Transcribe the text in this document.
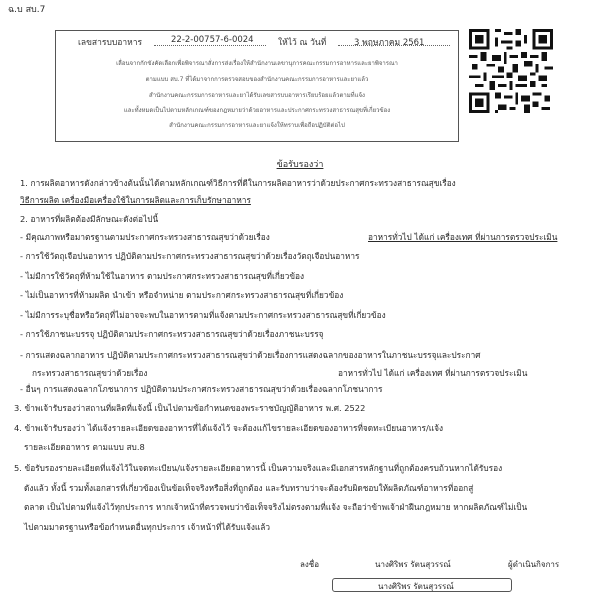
ฉ.บ สบ.7
เลขสารบบอาหาร	22-2-00757-6-0024	ให้ไว้ ณ วันที่	3 พฤษภาคม 2561
เลื่อนจากกักขังคัดเลือกเพื่อพิจารณาสั่งการส่งเรื่องให้สำนักงานเลขานุการคณะกรรมการอาหารและยาพิจารณา
ตามแบบ สบ.7 ที่ได้มาจากการตรวจสอบของสำนักงานคณะกรรมการอาหารและยาแล้ว
สำนักงานคณะกรรมการอาหารและยาได้รับเลขสารบบอาหารเรียบร้อยแล้วตามที่แจ้ง
และทั้งหมดเป็นไปตามหลักเกณฑ์ของกฎหมายว่าด้วยอาหารและประกาศกระทรวงสาธารณสุขที่เกี่ยวข้อง
สำนักงานคณะกรรมการอาหารและยาแจ้งให้ทราบเพื่อถือปฏิบัติต่อไป
ข้อรับรองว่า
1. การผลิตอาหารดังกล่าวข้างต้นนั้นได้ตามหลักเกณฑ์วิธีการที่ดีในการผลิตอาหารว่าด้วยประกาศกระทรวงสาธารณสุขเรื่อง
วิธีการผลิต เครื่องมือเครื่องใช้ในการผลิตและการเก็บรักษาอาหาร
2. อาหารที่ผลิตต้องมีลักษณะดังต่อไปนี้
- มีคุณภาพหรือมาตรฐานตามประกาศกระทรวงสาธารณสุขว่าด้วยเรื่อง	อาหารทั่วไป ได้แก่ เครื่องเทศ ที่ผ่านการตรวจประเมิน
- การใช้วัตถุเจือปนอาหาร ปฏิบัติตามประกาศกระทรวงสาธารณสุขว่าด้วยเรื่องวัตถุเจือปนอาหาร
- ไม่มีการใช้วัตถุที่ห้ามใช้ในอาหาร ตามประกาศกระทรวงสาธารณสุขที่เกี่ยวข้อง
- ไม่เป็นอาหารที่ห้ามผลิต นำเข้า หรือจำหน่าย ตามประกาศกระทรวงสาธารณสุขที่เกี่ยวข้อง
- ไม่มีการระบุชื่อหรือวัตถุที่ไม่อาจจะพบในอาหารตามที่แจ้งตามประกาศกระทรวงสาธารณสุขที่เกี่ยวข้อง
- การใช้ภาชนะบรรจุ ปฏิบัติตามประกาศกระทรวงสาธารณสุขว่าด้วยเรื่องภาชนะบรรจุ
- การแสดงฉลากอาหาร ปฏิบัติตามประกาศกระทรวงสาธารณสุขว่าด้วยเรื่องการแสดงฉลากของอาหารในภาชนะบรรจุและประกาศ
กระทรวงสาธารณสุขว่าด้วยเรื่อง	อาหารทั่วไป ได้แก่ เครื่องเทศ ที่ผ่านการตรวจประเมิน
- อื่นๆ การแสดงฉลากโภชนาการ ปฏิบัติตามประกาศกระทรวงสาธารณสุขว่าด้วยเรื่องฉลากโภชนาการ
3. ข้าพเจ้ารับรองว่าสถานที่ผลิตที่แจ้งนี้ เป็นไปตามข้อกำหนดของพระราชบัญญัติอาหาร พ.ศ. 2522
4. ข้าพเจ้ารับรองว่า ได้แจ้งรายละเอียดของอาหารที่ได้แจ้งไว้ จะต้องแก้ไขรายละเอียดของอาหารที่จดทะเบียนอาหาร/แจ้ง
รายละเอียดอาหาร ตามแบบ สบ.8
5. ข้อรับรองรายละเอียดที่แจ้งไว้ในจดทะเบียน/แจ้งรายละเอียดอาหารนี้ เป็นความจริงและมีเอกสารหลักฐานที่ถูกต้องครบถ้วนหากได้รับรอง
ดังแล้ว ทั้งนี้ รวมทั้งเอกสารที่เกี่ยวข้องเป็นข้อเท็จจริงหรือสิ่งที่ถูกต้อง และรับทราบว่าจะต้องรับผิดชอบให้ผลิตภัณฑ์อาหารที่ออกสู่
ตลาด เป็นไปตามที่แจ้งไว้ทุกประการ หากเจ้าหน้าที่ตรวจพบว่าข้อเท็จจริงไม่ตรงตามที่แจ้ง จะถือว่าข้าพเจ้าฝ่าฝืนกฎหมาย หากผลิตภัณฑ์ไม่เป็น
ไปตามมาตรฐานหรือข้อกำหนดอื่นทุกประการ เจ้าหน้าที่ได้รับแจ้งแล้ว
ลงชื่อ	นางศิริพร รัตนสุวรรณ์	ผู้ดำเนินกิจการ
นางศิริพร รัตนสุวรรณ์
